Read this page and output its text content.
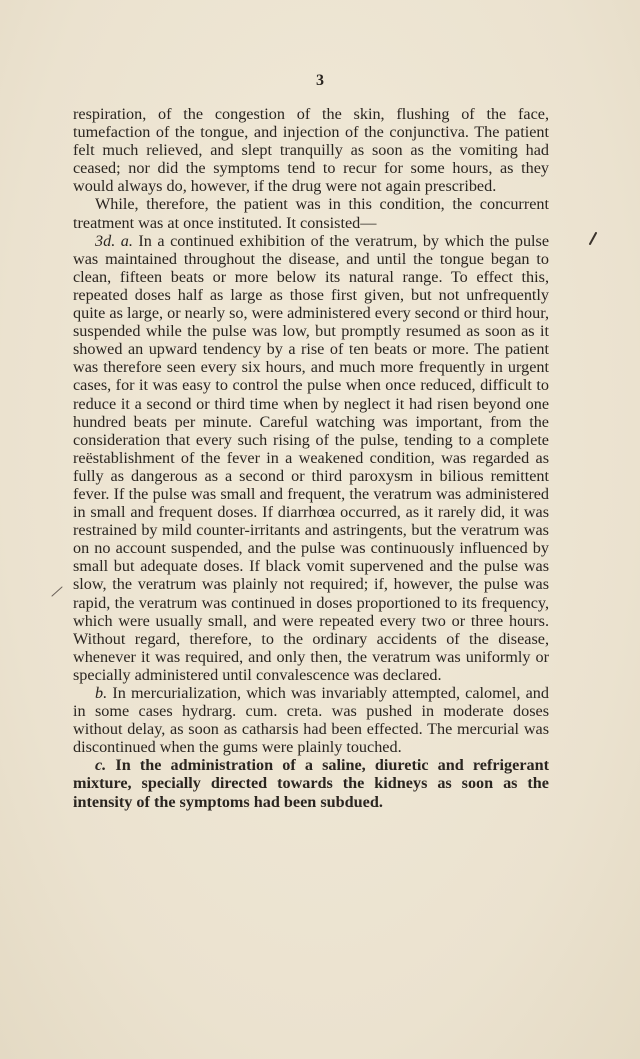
3

respiration, of the congestion of the skin, flushing of the face, tumefaction of the tongue, and injection of the conjunctiva. The patient felt much relieved, and slept tranquilly as soon as the vomiting had ceased; nor did the symptoms tend to recur for some hours, as they would always do, however, if the drug were not again prescribed.

While, therefore, the patient was in this condition, the concurrent treatment was at once instituted. It consisted—

3d. a. In a continued exhibition of the veratrum, by which the pulse was maintained throughout the disease, and until the tongue began to clean, fifteen beats or more below its natural range. To effect this, repeated doses half as large as those first given, but not unfrequently quite as large, or nearly so, were administered every second or third hour, suspended while the pulse was low, but promptly resumed as soon as it showed an upward tendency by a rise of ten beats or more. The patient was therefore seen every six hours, and much more frequently in urgent cases, for it was easy to control the pulse when once reduced, difficult to reduce it a second or third time when by neglect it had risen beyond one hundred beats per minute. Careful watching was important, from the consideration that every such rising of the pulse, tending to a complete reëstablishment of the fever in a weakened condition, was regarded as fully as dangerous as a second or third paroxysm in bilious remittent fever. If the pulse was small and frequent, the veratrum was administered in small and frequent doses. If diarrhœa occurred, as it rarely did, it was restrained by mild counter-irritants and astringents, but the veratrum was on no account suspended, and the pulse was continuously influenced by small but adequate doses. If black vomit supervened and the pulse was slow, the veratrum was plainly not required; if, however, the pulse was rapid, the veratrum was continued in doses proportioned to its frequency, which were usually small, and were repeated every two or three hours. Without regard, therefore, to the ordinary accidents of the disease, whenever it was required, and only then, the veratrum was uniformly or specially administered until convalescence was declared.

b. In mercurialization, which was invariably attempted, calomel, and in some cases hydrarg. cum. creta. was pushed in moderate doses without delay, as soon as catharsis had been effected. The mercurial was discontinued when the gums were plainly touched.

c. In the administration of a saline, diuretic and refrigerant mixture, specially directed towards the kidneys as soon as the intensity of the symptoms had been subdued.
